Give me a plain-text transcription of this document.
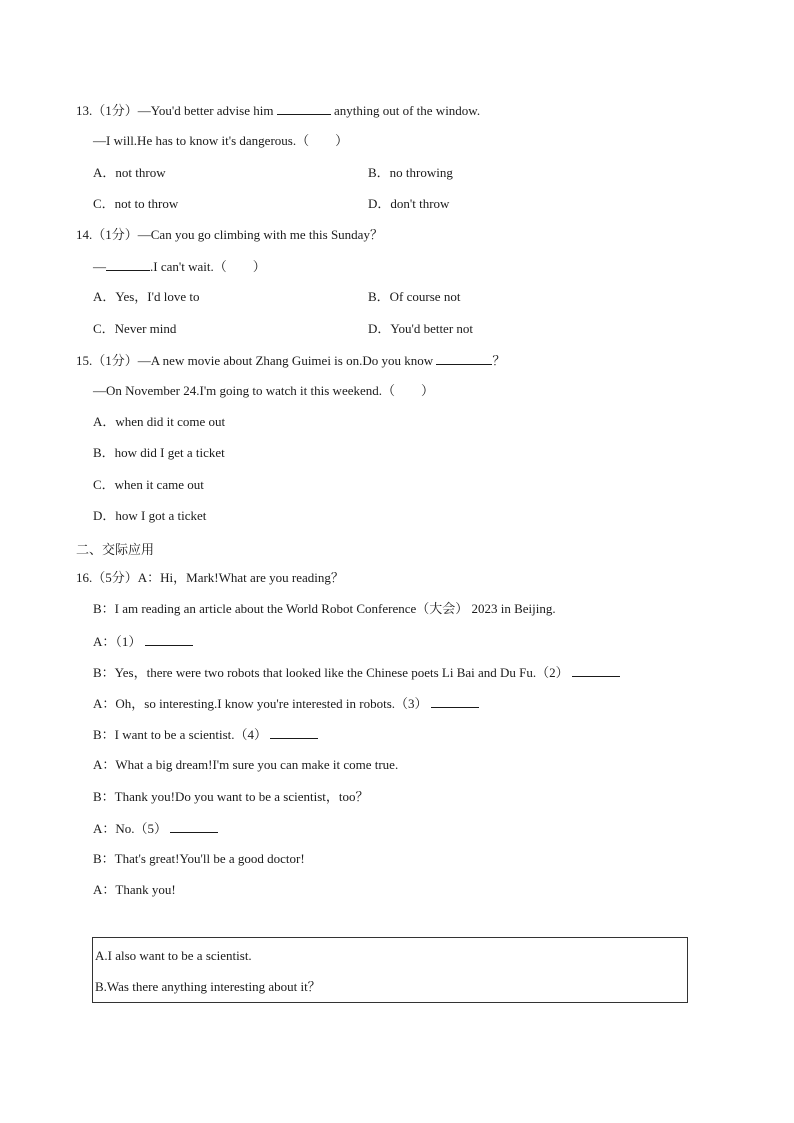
13.（1分）—You'd better advise him	anything out of the window.
—I will.He has to know it's dangerous.（　　）
A．not throw	B．no throwing
C．not to throw	D．don't throw
14.（1分）—Can you go climbing with me this Sunday？
—	.I can't wait.（　　）
A．Yes，I'd love to	B．Of course not
C．Never mind	D．You'd better not
15.（1分）—A new movie about Zhang Guimei is on.Do you know	？
—On November 24.I'm going to watch it this weekend.（　　）
A．when did it come out
B．how did I get a ticket
C．when it came out
D．how I got a ticket
二、交际应用
16.（5分）A：Hi，Mark!What are you reading？
B：I am reading an article about the World Robot Conference（大会） 2023 in Beijing.
A：（1）
B：Yes，there were two robots that looked like the Chinese poets Li Bai and Du Fu.（2）
A：Oh，so interesting.I know you're interested in robots.（3）
B：I want to be a scientist.（4）
A：What a big dream!I'm sure you can make it come true.
B：Thank you!Do you want to be a scientist，too？
A：No.（5）
B：That's great!You'll be a good doctor!
A：Thank you!
A.I also want to be a scientist.
B.Was there anything interesting about it？
